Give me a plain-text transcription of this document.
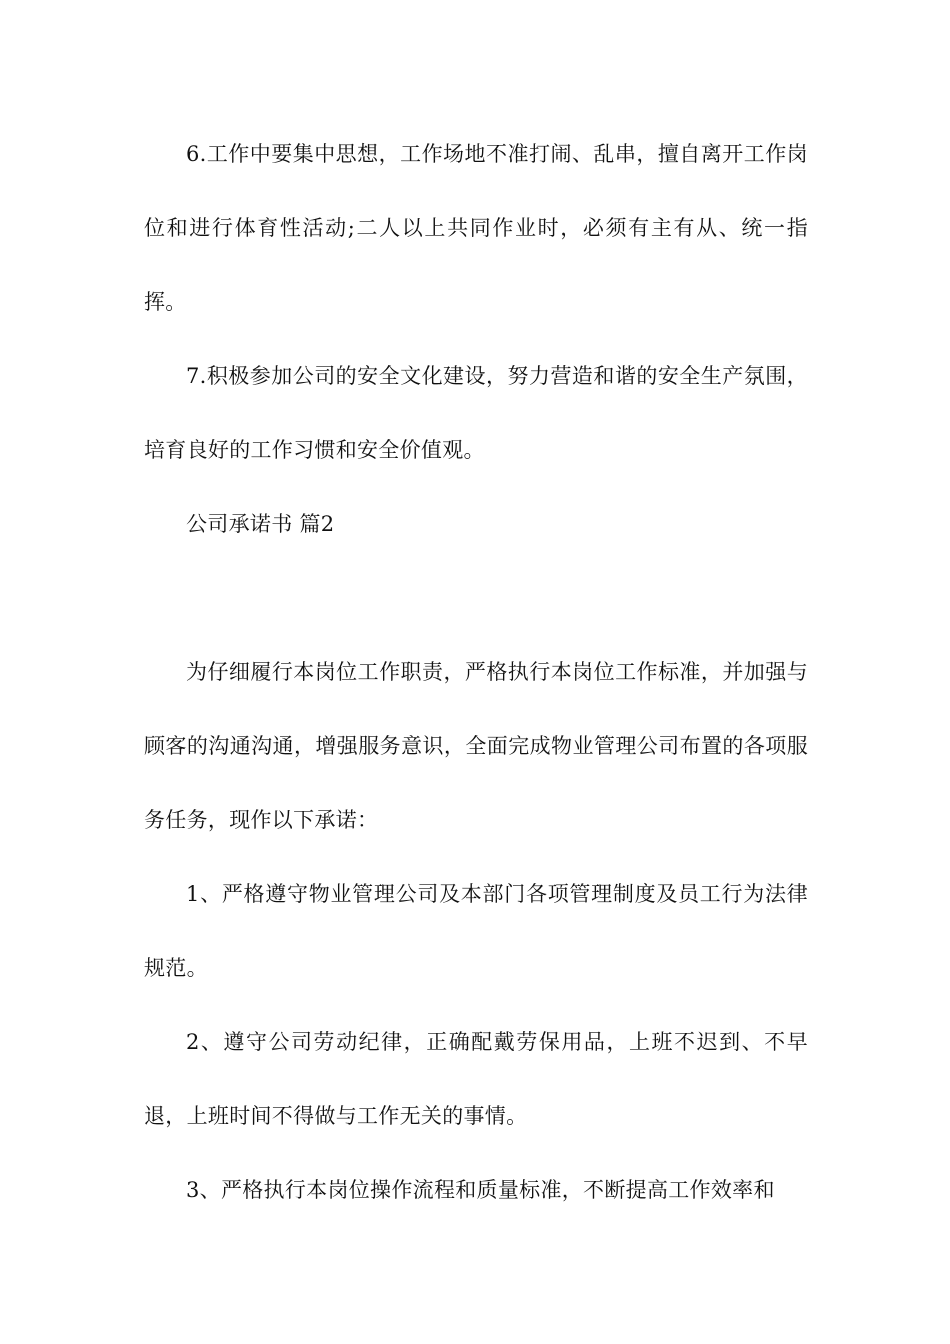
6.工作中要集中思想，工作场地不准打闹、乱串，擅自离开工作岗位和进行体育性活动;二人以上共同作业时，必须有主有从、统一指挥。

7.积极参加公司的安全文化建设，努力营造和谐的安全生产氛围，培育良好的工作习惯和安全价值观。

公司承诺书 篇2

为仔细履行本岗位工作职责，严格执行本岗位工作标准，并加强与顾客的沟通沟通，增强服务意识，全面完成物业管理公司布置的各项服务任务，现作以下承诺：

1、严格遵守物业管理公司及本部门各项管理制度及员工行为法律规范。

2、遵守公司劳动纪律，正确配戴劳保用品，上班不迟到、不早退，上班时间不得做与工作无关的事情。

3、严格执行本岗位操作流程和质量标准，不断提高工作效率和
